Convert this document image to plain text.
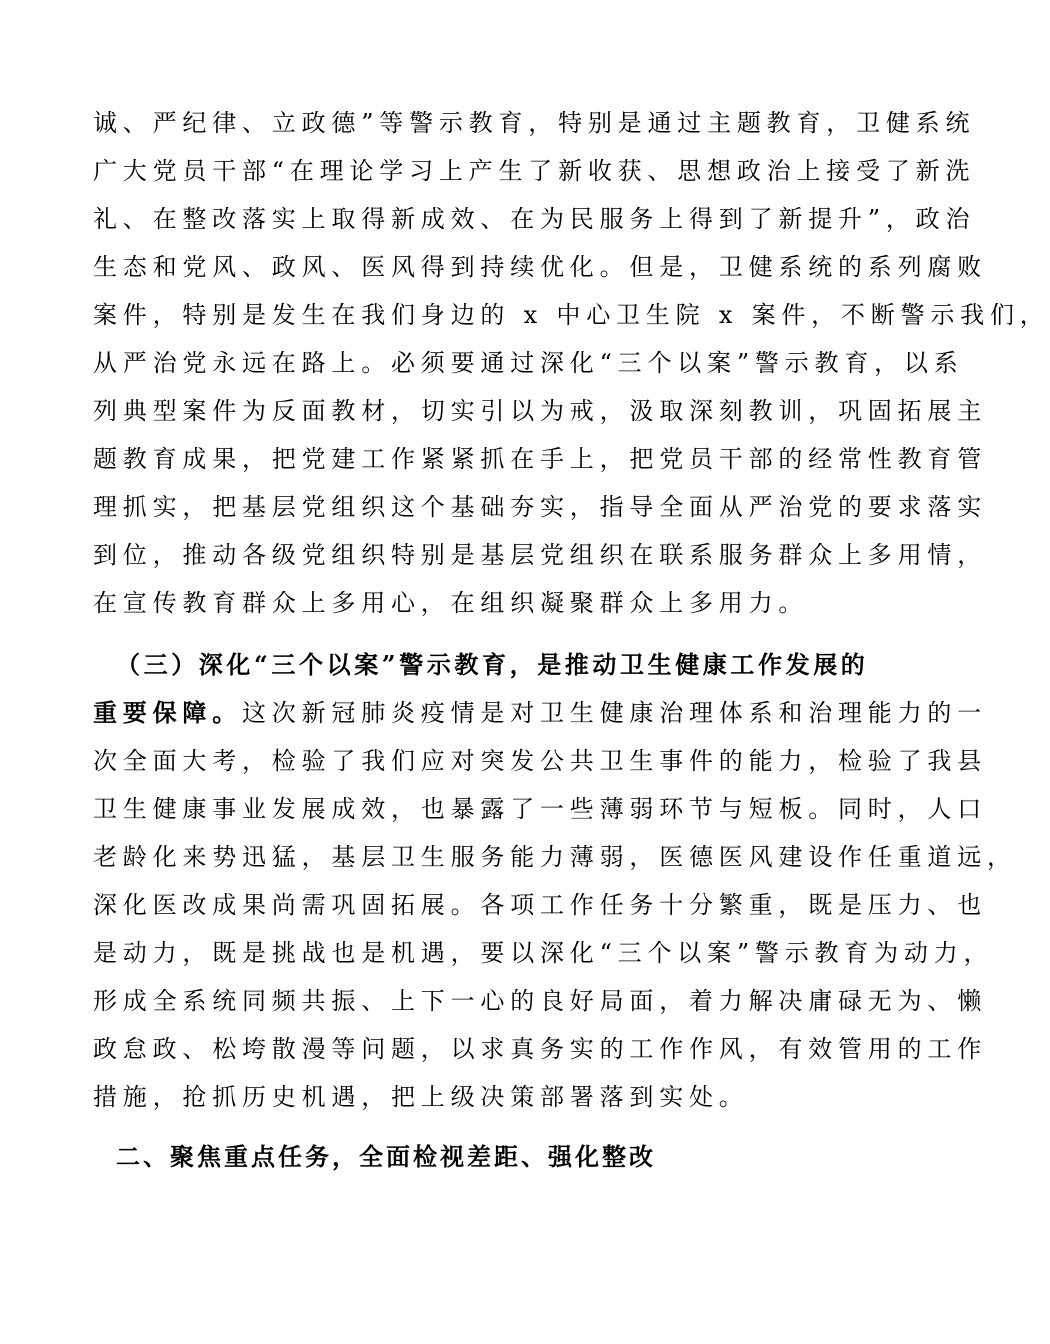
诚、严纪律、立政德”等警示教育，特别是通过主题教育，卫健系统
广大党员干部“在理论学习上产生了新收获、思想政治上接受了新洗
礼、在整改落实上取得新成效、在为民服务上得到了新提升”，政治
生态和党风、政风、医风得到持续优化。但是，卫健系统的系列腐败
案件，特别是发生在我们身边的 x 中心卫生院 x 案件，不断警示我们，
从严治党永远在路上。必须要通过深化“三个以案”警示教育，以系
列典型案件为反面教材，切实引以为戒，汲取深刻教训，巩固拓展主
题教育成果，把党建工作紧紧抓在手上，把党员干部的经常性教育管
理抓实，把基层党组织这个基础夯实，指导全面从严治党的要求落实
到位，推动各级党组织特别是基层党组织在联系服务群众上多用情，
在宣传教育群众上多用心，在组织凝聚群众上多用力。
（三）深化“三个以案”警示教育，是推动卫生健康工作发展的
重要保障。这次新冠肺炎疫情是对卫生健康治理体系和治理能力的一
次全面大考，检验了我们应对突发公共卫生事件的能力，检验了我县
卫生健康事业发展成效，也暴露了一些薄弱环节与短板。同时，人口
老龄化来势迅猛，基层卫生服务能力薄弱，医德医风建设作任重道远，
深化医改成果尚需巩固拓展。各项工作任务十分繁重，既是压力、也
是动力，既是挑战也是机遇，要以深化“三个以案”警示教育为动力，
形成全系统同频共振、上下一心的良好局面，着力解决庸碌无为、懒
政怠政、松垮散漫等问题，以求真务实的工作作风，有效管用的工作
措施，抢抓历史机遇，把上级决策部署落到实处。
二、聚焦重点任务，全面检视差距、强化整改
